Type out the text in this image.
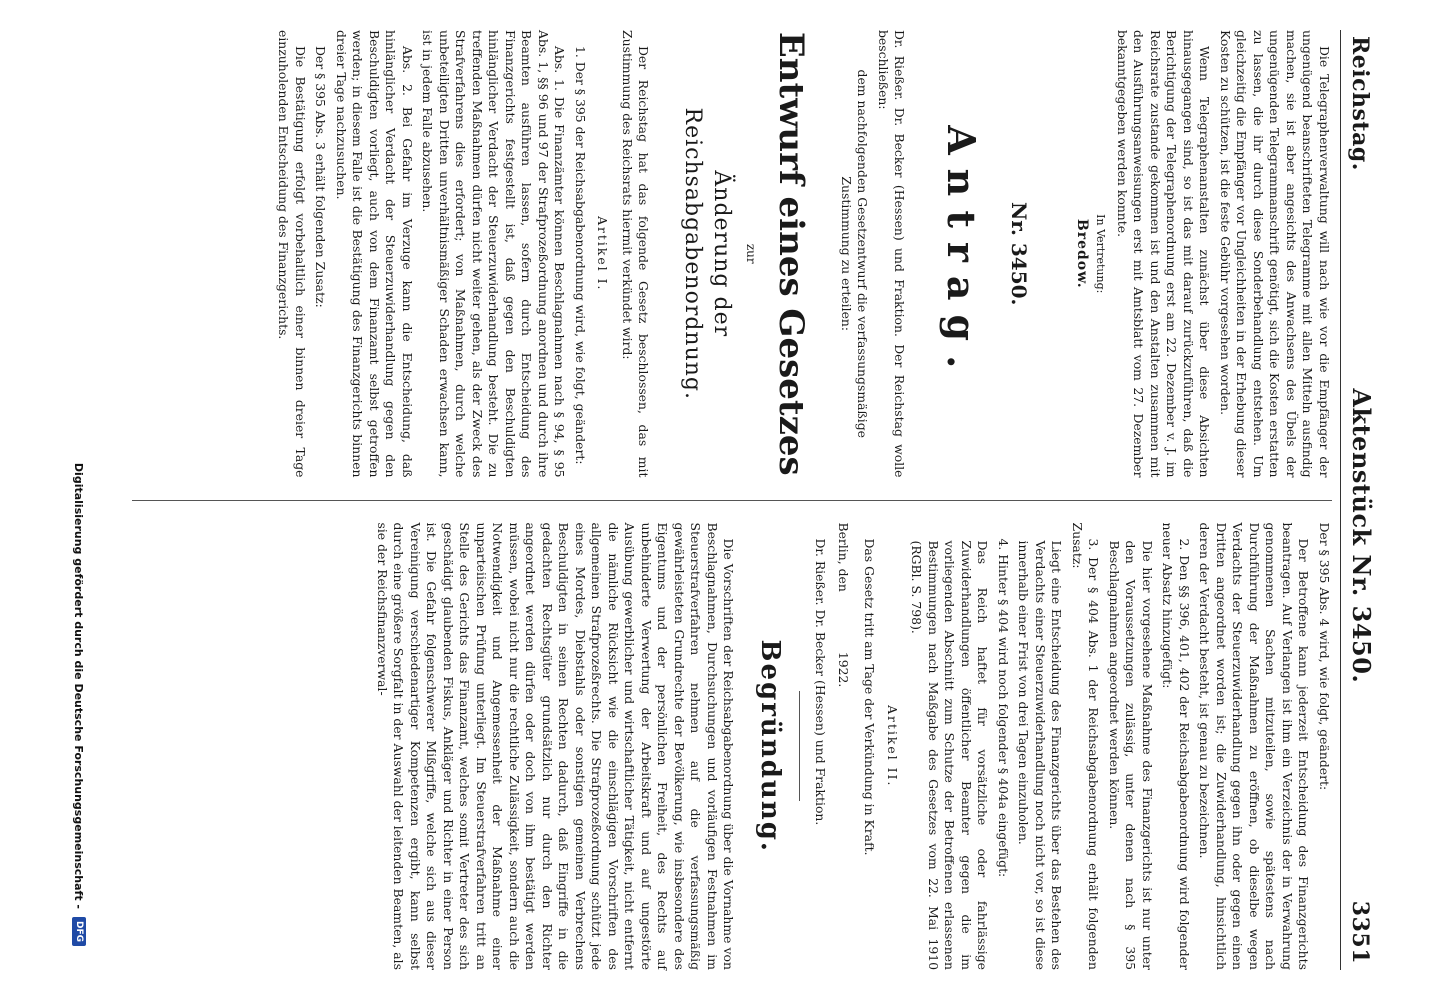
Reichstag.
Aktenstück Nr. 3450.
3351

Die Telegraphenverwaltung will nach wie vor die Empfänger der ungenügend beanschrifteten Telegramme mit allen Mitteln ausfindig machen, sie ist aber angesichts des Anwachsens des Übels der ungenügenden Telegrammanschrift genötigt, sich die Kosten erstatten zu lassen, die ihr durch diese Sonderbehandlung entstehen. Um gleichzeitig die Empfänger vor Ungleichheiten in der Erhebung dieser Kosten zu schützen, ist die feste Gebühr vorgesehen worden.

Wenn Telegraphenanstalten zunächst über diese Absichten hinausgegangen sind, so ist das mit darauf zurückzuführen, daß die Berichtigung der Telegraphenordnung erst am 22. Dezember v. J. im Reichsrate zustande gekommen ist und den Anstalten zusammen mit den Ausführungsanweisungen erst mit Amtsblatt vom 27. Dezember bekanntgegeben werden konnte.

In Vertretung:
Bredow.
Nr. 3450.
Antrag.

Dr. Rießer. Dr. Becker (Hessen) und Fraktion. Der Reichstag wolle beschließen:

dem nachfolgenden Gesetzentwurf die verfassungsmäßige Zustimmung zu erteilen:

Entwurf eines Gesetzes
zur
Änderung der Reichsabgabenordnung.

Der Reichstag hat das folgende Gesetz beschlossen, das mit Zustimmung des Reichsrats hiermit verkündet wird:

Artikel I.

1. Der § 395 der Reichsabgabenordnung wird, wie folgt, geändert:

Abs. 1. Die Finanzämter können Beschlagnahmen nach § 94, § 95 Abs. 1, §§ 96 und 97 der Strafprozeßordnung anordnen und durch ihre Beamten ausführen lassen, sofern durch Entscheidung des Finanzgerichts festgestellt ist, daß gegen den Beschuldigten hinlänglicher Verdacht der Steuerzuwiderhandlung besteht. Die zu treffenden Maßnahmen dürfen nicht weiter gehen, als der Zweck des Strafverfahrens dies erfordert; von Maßnahmen, durch welche unbeteiligten Dritten unverhältnismäßiger Schaden erwachsen kann, ist in jedem Falle abzusehen.

Abs. 2. Bei Gefahr im Verzuge kann die Entscheidung, daß hinlänglicher Verdacht der Steuerzuwiderhandlung gegen den Beschuldigten vorliegt, auch von dem Finanzamt selbst getroffen werden; in diesem Falle ist die Bestätigung des Finanzgerichts binnen dreier Tage nachzusuchen.

Der § 395 Abs. 3 erhält folgenden Zusatz:

Die Bestätigung erfolgt vorbehaltlich einer binnen dreier Tage einzuholenden Entscheidung des Finanzgerichts.

Der § 395 Abs. 4 wird, wie folgt, geändert:

Der Betroffene kann jederzeit Entscheidung des Finanzgerichts beantragen. Auf Verlangen ist ihm ein Verzeichnis der in Verwahrung genommenen Sachen mitzuteilen, sowie spätestens nach Durchführung der Maßnahmen zu eröffnen, ob dieselbe wegen Verdachts der Steuerzuwiderhandlung gegen ihn oder gegen einen Dritten angeordnet worden ist; die Zuwiderhandlung, hinsichtlich deren der Verdacht besteht, ist genau zu bezeichnen.

2. Den §§ 396, 401, 402 der Reichsabgabenordnung wird folgender neuer Absatz hinzugefügt:

Die hier vorgesehene Maßnahme des Finanzgerichts ist nur unter den Voraussetzungen zulässig, unter denen nach § 395 Beschlagnahmen angeordnet werden können.

3. Der § 404 Abs. 1 der Reichsabgabenordnung erhält folgenden Zusatz:

Liegt eine Entscheidung des Finanzgerichts über das Bestehen des Verdachts einer Steuerzuwiderhandlung noch nicht vor, so ist diese innerhalb einer Frist von drei Tagen einzuholen.

4. Hinter § 404 wird noch folgender § 404a eingefügt:

Das Reich haftet für vorsätzliche oder fahrlässige Zuwiderhandlungen öffentlicher Beamter gegen die im vorliegenden Abschnitt zum Schutze der Betroffenen erlassenen Bestimmungen nach Maßgabe des Gesetzes vom 22. Mai 1910 (RGBl. S. 798).

Artikel II.

Das Gesetz tritt am Tage der Verkündung in Kraft.

Berlin, den
1922.

Dr. Rießer. Dr. Becker (Hessen) und Fraktion.

Begründung.

Die Vorschriften der Reichsabgabenordnung über die Vornahme von Beschlagnahmen, Durchsuchungen und vorläufigen Festnahmen im Steuerstrafverfahren nehmen auf die verfassungsmäßig gewährleisteten Grundrechte der Bevölkerung, wie insbesondere des Eigentums und der persönlichen Freiheit, des Rechts auf unbehinderte Verwertung der Arbeitskraft und auf ungestörte Ausübung gewerblicher und wirtschaftlicher Tätigkeit, nicht entfernt die nämliche Rücksicht wie die einschlägigen Vorschriften des allgemeinen Strafprozeßrechts. Die Strafprozeßordnung schützt jede eines Mordes, Diebstahls oder sonstigen gemeinen Verbrechens Beschuldigten in seinen Rechten dadurch, daß Eingriffe in die gedachten Rechtsgüter grundsätzlich nur durch den Richter angeordnet werden dürfen oder doch von ihm bestätigt werden müssen, wobei nicht nur die rechtliche Zulässigkeit, sondern auch die Notwendigkeit und Angemessenheit der Maßnahme einer unparteiischen Prüfung unterliegt. Im Steuerstrafverfahren tritt an Stelle des Gerichts das Finanzamt, welches somit Vertreter des sich geschädigt glaubenden Fiskus, Ankläger und Richter in einer Person ist. Die Gefahr folgenschwerer Mißgriffe, welche sich aus dieser Vereinigung verschiedenartiger Kompetenzen ergibt, kann selbst durch eine größere Sorgfalt in der Auswahl der leitenden Beamten, als sie der Reichsfinanzverwal-

Digitalisierung gefördert durch die Deutsche Forschungsgemeinschaft -
DFG
